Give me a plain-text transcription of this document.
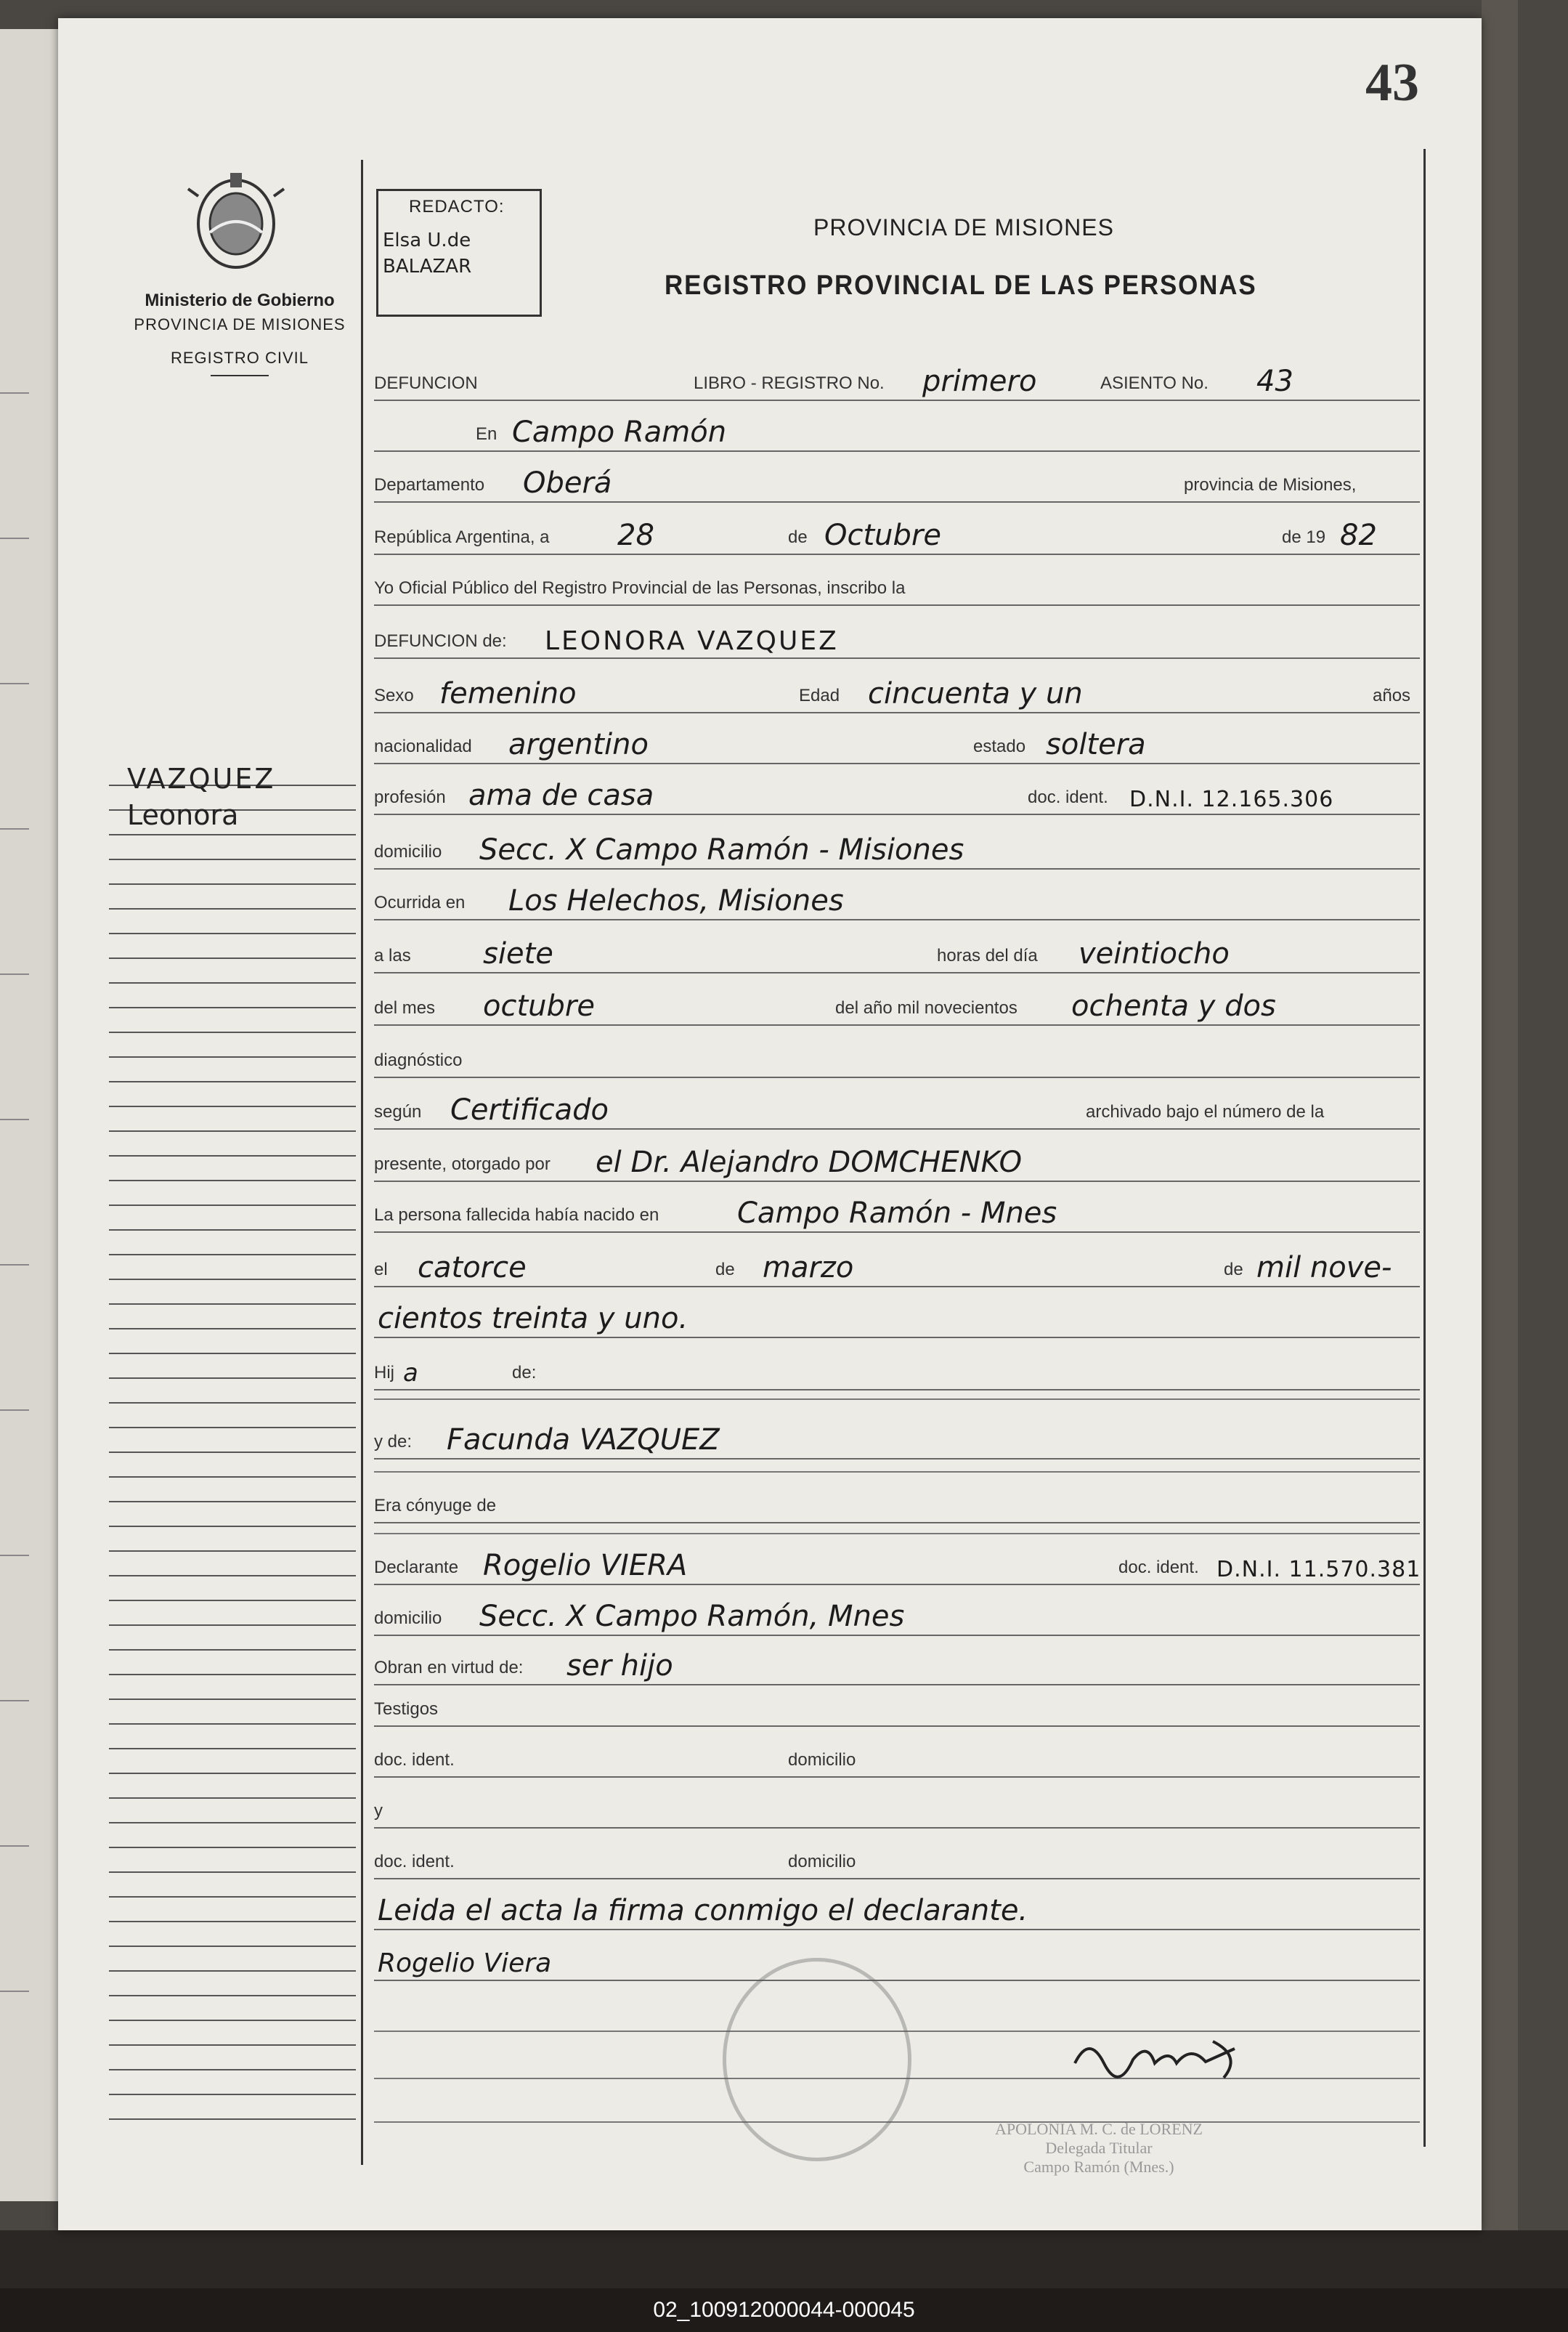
43
Ministerio de Gobierno
PROVINCIA DE MISIONES
REGISTRO CIVIL
VAZQUEZ
Leonora
REDACTO:
Elsa U.de
BALAZAR
PROVINCIA DE MISIONES
REGISTRO PROVINCIAL DE LAS PERSONAS
DEFUNCION	LIBRO - REGISTRO No. primero	ASIENTO No. 43
En Campo Ramón
Departamento Oberá	provincia de Misiones,
República Argentina, a 28	de Octubre	de 19 82
Yo Oficial Público del Registro Provincial de las Personas, inscribo la
DEFUNCION de: LEONORA VAZQUEZ
Sexo femenino	Edad cincuenta y un	años
nacionalidad argentino	estado soltera
profesión ama de casa	doc. ident. D.N.I. 12.165.306
domicilio Secc. X Campo Ramón - Misiones
Ocurrida en Los Helechos, Misiones
a las siete	horas del día veintiocho
del mes octubre	del año mil novecientos ochenta y dos
diagnóstico
según Certificado	archivado bajo el número de la
presente, otorgado por el Dr. Alejandro DOMCHENKO
La persona fallecida había nacido en	Campo Ramón - Mnes
el catorce	de marzo	de mil nove-
cientos treinta y uno.
Hij a	de:
y de: Facunda VAZQUEZ
Era cónyuge de
Declarante Rogelio VIERA	doc. ident. D.N.I. 11.570.381
domicilio Secc. X Campo Ramón, Mnes
Obran en virtud de: ser hijo
Testigos
doc. ident.	domicilio
y
doc. ident.	domicilio
Leida el acta la firma conmigo el declarante.
Rogelio Viera
APOLONIA M. C. de LORENZ
Delegada Titular
Campo Ramón (Mnes.)
02_100912000044-000045
